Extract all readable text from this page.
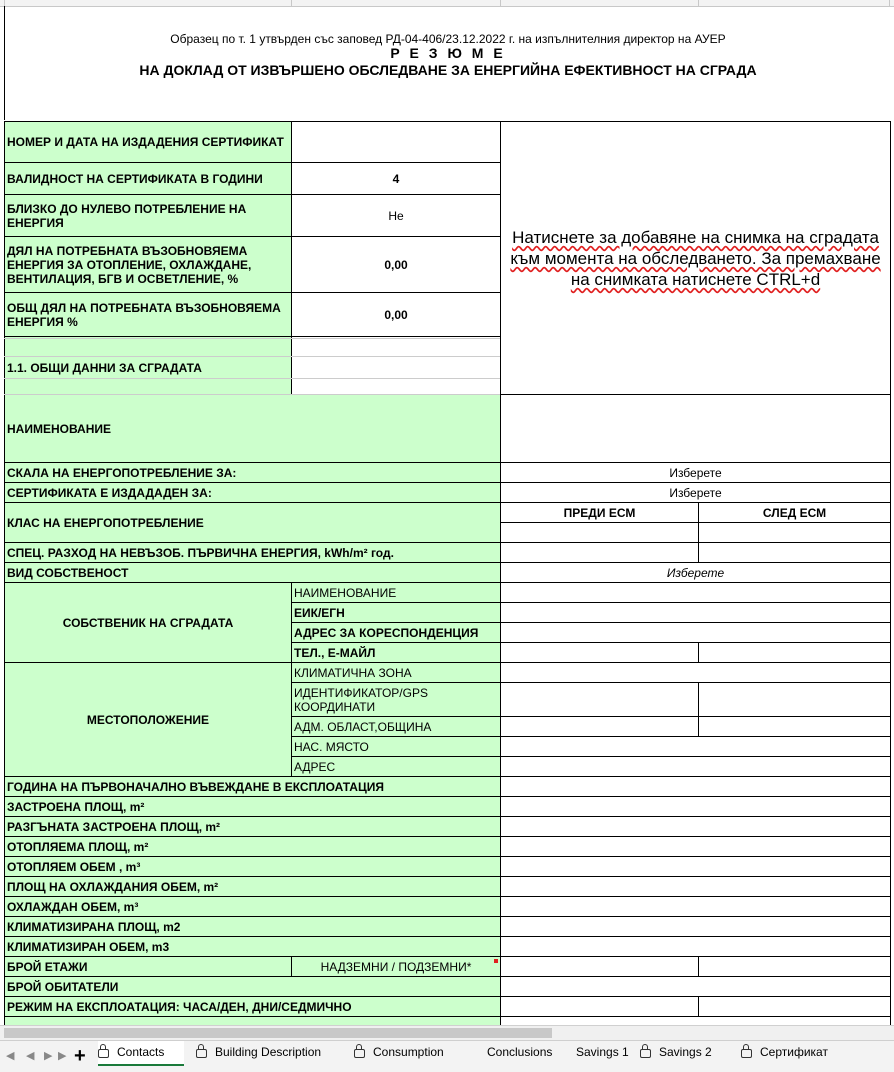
Образец по т. 1 утвърден със заповед РД-04-406/23.12.2022 г. на изпълнителния директор на АУЕР
Р Е З Ю М Е
НА ДОКЛАД ОТ ИЗВЪРШЕНО ОБСЛЕДВАНЕ ЗА ЕНЕРГИЙНА ЕФЕКТИВНОСТ НА СГРАДА
НОМЕР И ДАТА НА ИЗДАДЕНИЯ СЕРТИФИКАТ		Натиснете за добавяне на снимка на сградата към момента на обследването. За премахване на снимката натиснете CTRL+d	

ВАЛИДНОСТ НА СЕРТИФИКАТА В ГОДИНИ	4		
БЛИЗКО ДО НУЛЕВО ПОТРЕБЛЕНИЕ НА ЕНЕРГИЯ	Не		
ДЯЛ НА ПОТРЕБНАТА ВЪЗОБНОВЯЕМА ЕНЕРГИЯ ЗА ОТОПЛЕНИЕ, ОХЛАЖДАНЕ, ВЕНТИЛАЦИЯ, БГВ И ОСВЕТЛЕНИЕ, %	0,00		
ОБЩ ДЯЛ НА ПОТРЕБНАТА ВЪЗОБНОВЯЕМА ЕНЕРГИЯ %	0,00		

1.1. ОБЩИ ДАННИ ЗА СГРАДАТА			

НАИМЕНОВАНИЕ			
СКАЛА НА ЕНЕРГОПОТРЕБЛЕНИЕ ЗА:		Изберете	
СЕРТИФИКАТА Е ИЗДАДАДЕН ЗА:		Изберете	
КЛАС НА ЕНЕРГОПОТРЕБЛЕНИЕ		ПРЕДИ ЕСМ	СЛЕД ЕСМ

СПЕЦ. РАЗХОД НА НЕВЪЗОБ. ПЪРВИЧНА ЕНЕРГИЯ, kWh/m² год.			
ВИД СОБСТВЕНОСТ		Изберете	
СОБСТВЕНИК НА СГРАДАТА	НАИМЕНОВАНИЕ		
	ЕИК/ЕГН		
	АДРЕС ЗА КОРЕСПОНДЕНЦИЯ		
	ТЕЛ., Е-МАЙЛ		
МЕСТОПОЛОЖЕНИЕ	КЛИМАТИЧНА ЗОНА		
	ИДЕНТИФИКАТОР/GPS КООРДИНАТИ		
	АДМ. ОБЛАСТ,ОБЩИНА		
	НАС. МЯСТО		
	АДРЕС		
ГОДИНА НА ПЪРВОНАЧАЛНО ВЪВЕЖДАНЕ В ЕКСПЛОАТАЦИЯ			
ЗАСТРОЕНА ПЛОЩ, m²			
РАЗГЪНАТА ЗАСТРОЕНА ПЛОЩ, m²			
ОТОПЛЯЕМА ПЛОЩ, m²			
ОТОПЛЯЕМ ОБЕМ , m³			
ПЛОЩ НА ОХЛАЖДАНИЯ ОБЕМ, m²			
ОХЛАЖДАН ОБЕМ, m³			
КЛИМАТИЗИРАНА ПЛОЩ, m2			
КЛИМАТИЗИРАН ОБЕМ, m3			
БРОЙ ЕТАЖИ	НАДЗЕМНИ / ПОДЗЕМНИ*

БРОЙ ОБИТАТЕЛИ			
РЕЖИМ НА ЕКСПЛОАТАЦИЯ: ЧАСА/ДЕН, ДНИ/СЕДМИЧНО			

◀ ◀ ▶ ▶ +	Contacts	Building Description	Consumption	Conclusions Savings 1	Savings 2	Сертификат
